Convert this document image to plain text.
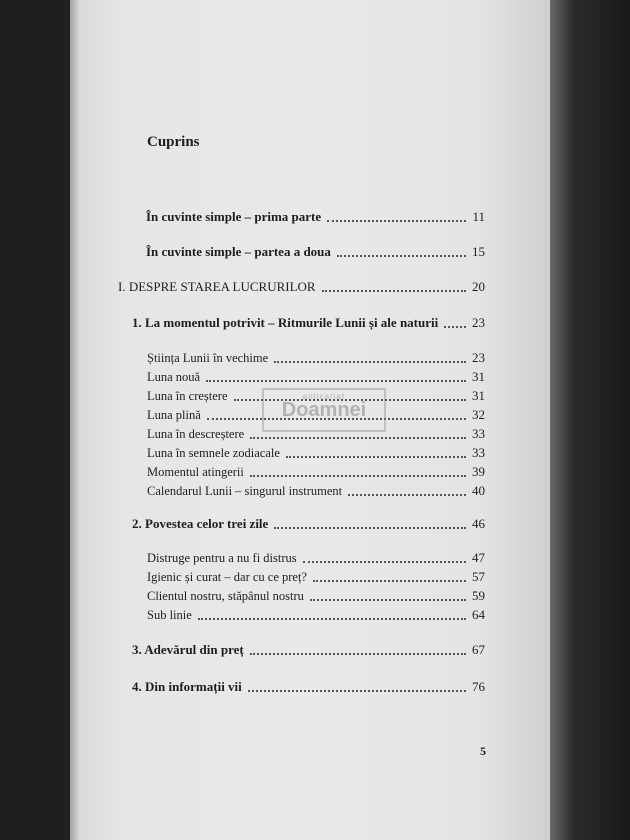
Cuprins
În cuvinte simple – prima parte	11
În cuvinte simple – partea a doua	15
I. DESPRE STAREA LUCRURILOR	20
1. La momentul potrivit – Ritmurile Lunii și ale naturii	23
Știința Lunii în vechime	23
Luna nouă	31
Luna în creștere	31
Luna plină	32
Luna în descreștere	33
Luna în semnele zodiacale	33
Momentul atingerii	39
Calendarul Lunii – singurul instrument	40
2. Povestea celor trei zile	46
Distruge pentru a nu fi distrus	47
Igienic și curat – dar cu ce preț?	57
Clientul nostru, stăpânul nostru	59
Sub linie	64
3. Adevărul din preț	67
4. Din informații vii	76
anticariat
Doamnei
5
